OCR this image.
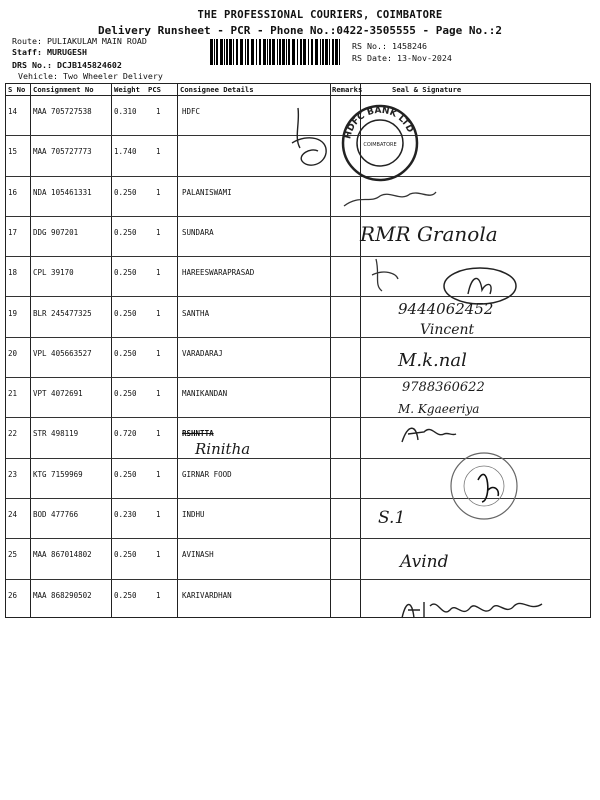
THE PROFESSIONAL COURIERS, COIMBATORE
Delivery Runsheet - PCR - Phone No.:0422-3505555 - Page No.:2
Route: PULIAKULAM MAIN ROAD
Staff: MURUGESH
DRS No.: DCJB145824602
Vehicle: Two Wheeler Delivery
RS No.: 1458246
RS Date: 13-Nov-2024
S No Consignment No	Weight PCS	Consignee Details	Remarks	Seal & Signature
14 MAA 705727538	0.310	1	HDFC
15 MAA 705727773	1.740	1
16 NDA 105461331	0.250	1	PALANISWAMI
17 DDG 907201	0.250	1	SUNDARA
18 CPL 39170	0.250	1	HAREESWARAPRASAD
19 BLR 245477325	0.250	1	SANTHA
20 VPL 405663527	0.250	1	VARADARAJ
21 VPT 4072691	0.250	1	MANIKANDAN
22 STR 498119	0.720	1	RSHNTTA
23 KTG 7159969	0.250	1	GIRNAR FOOD
24 BOD 477766	0.230	1	INDHU
25 MAA 867014802	0.250	1	AVINASH
26 MAA 868290502	0.250	1	KARIVARDHAN
HDFC BANK LTD
COIMBATORE
RMR Granola
9444062452
Vincent
M.k.nal
9788360622
M. Kgaeeriya
Rinitha
S.1
Avind
